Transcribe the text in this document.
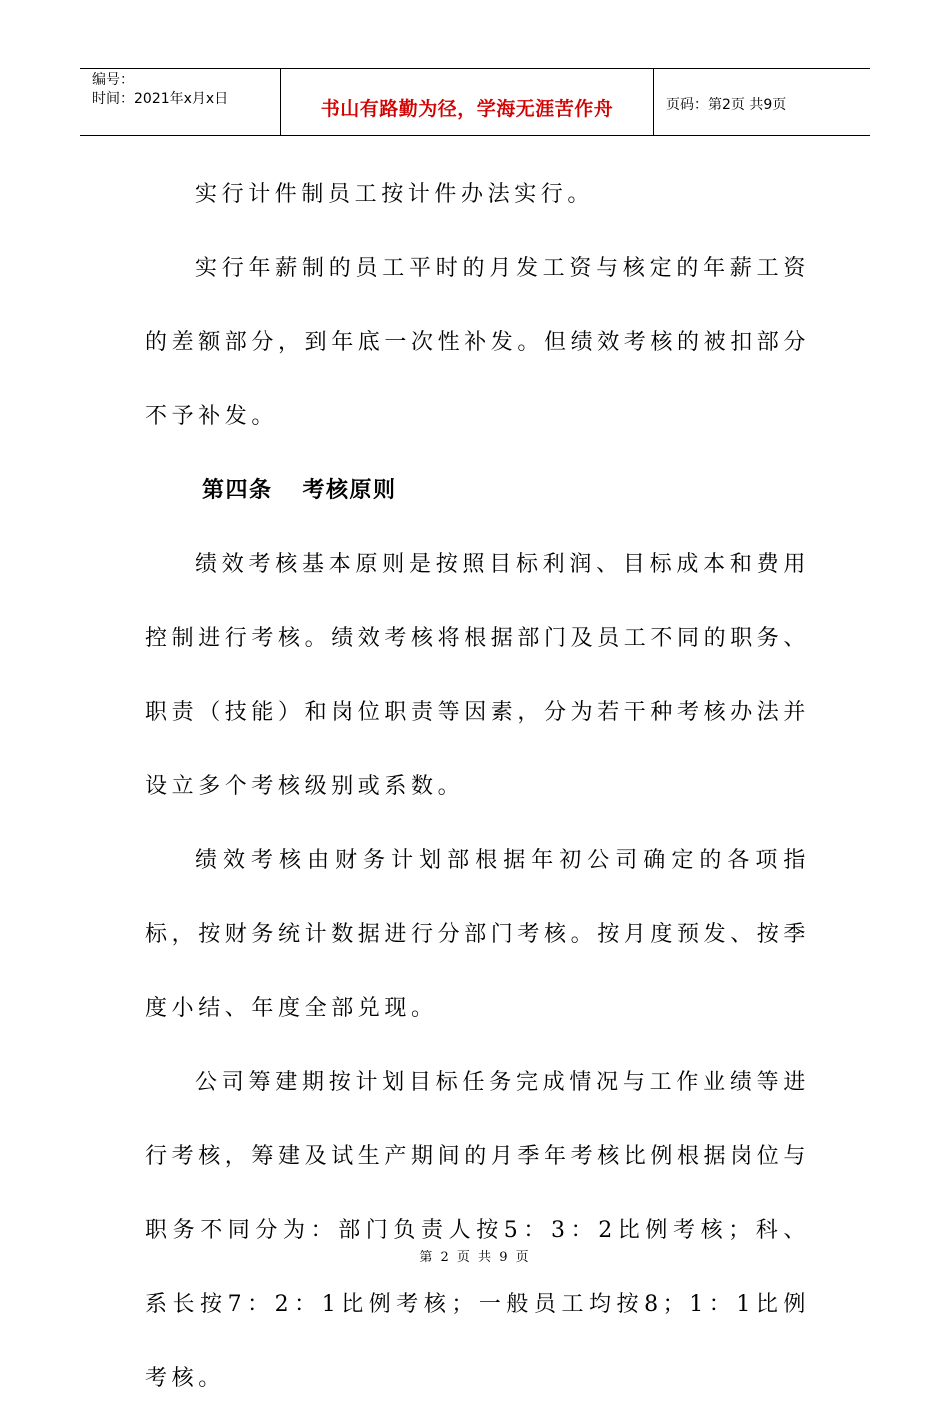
编号：
时间：2021年x月x日	书山有路勤为径，学海无涯苦作舟	页码：第2页 共9页

实行计件制员工按计件办法实行。

实行年薪制的员工平时的月发工资与核定的年薪工资的差额部分，到年底一次性补发。但绩效考核的被扣部分不予补发。

第四条 考核原则

绩效考核基本原则是按照目标利润、目标成本和费用控制进行考核。绩效考核将根据部门及员工不同的职务、职责（技能）和岗位职责等因素，分为若干种考核办法并设立多个考核级别或系数。

绩效考核由财务计划部根据年初公司确定的各项指标，按财务统计数据进行分部门考核。按月度预发、按季度小结、年度全部兑现。

公司筹建期按计划目标任务完成情况与工作业绩等进行考核，筹建及试生产期间的月季年考核比例根据岗位与职务不同分为：部门负责人按5：3：2比例考核；科、系长按7：2：1比例考核；一般员工均按8；1：1比例考核。

第 2 页 共 9 页
